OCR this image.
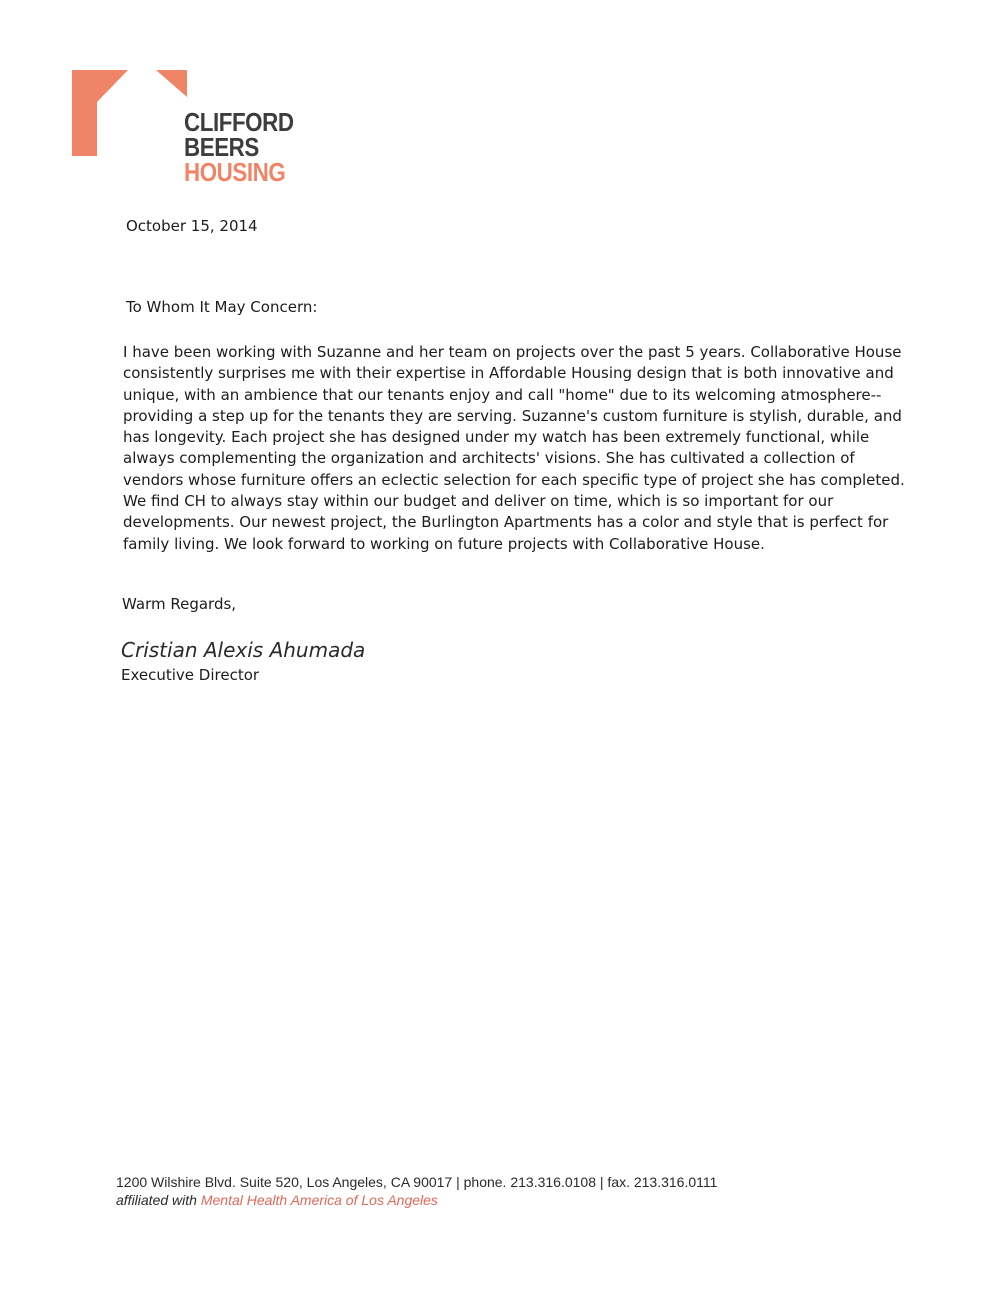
CLIFFORD
BEERS
HOUSING
October 15, 2014
To Whom It May Concern:
I have been working with Suzanne and her team on projects over the past 5 years. Collaborative House
consistently surprises me with their expertise in Affordable Housing design that is both innovative and
unique, with an ambience that our tenants enjoy and call "home" due to its welcoming atmosphere--
providing a step up for the tenants they are serving. Suzanne's custom furniture is stylish, durable, and
has longevity. Each project she has designed under my watch has been extremely functional, while
always complementing the organization and architects' visions. She has cultivated a collection of
vendors whose furniture offers an eclectic selection for each specific type of project she has completed.
We find CH to always stay within our budget and deliver on time, which is so important for our
developments. Our newest project, the Burlington Apartments has a color and style that is perfect for
family living. We look forward to working on future projects with Collaborative House.
Warm Regards,
Cristian Alexis Ahumada
Executive Director
1200 Wilshire Blvd. Suite 520, Los Angeles, CA 90017 | phone. 213.316.0108 | fax. 213.316.0111
affiliated with Mental Health America of Los Angeles
